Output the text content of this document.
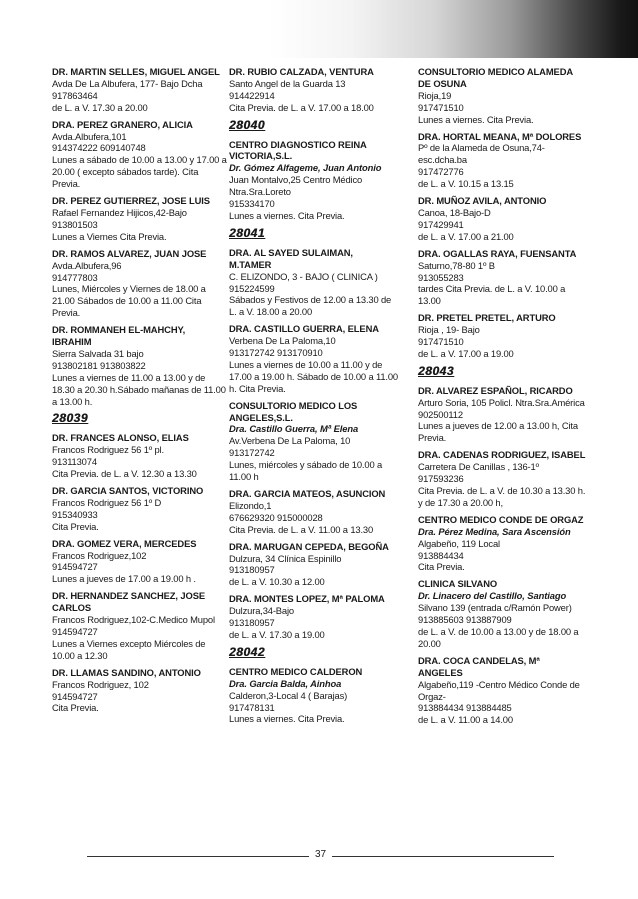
DR. MARTIN SELLES, MIGUEL ANGEL
Avda De La Albufera, 177- Bajo Dcha
917863464
de L. a V. 17.30 a 20.00
DRA. PEREZ GRANERO, ALICIA
Avda.Albufera,101
914374222 609140748
Lunes a sábado de 10.00 a 13.00 y 17.00 a
20.00 ( excepto sábados tarde). Cita
Previa.
DR. PEREZ GUTIERREZ, JOSE LUIS
Rafael Fernandez Hijicos,42-Bajo
913801503
Lunes a Viernes Cita Previa.
DR. RAMOS ALVAREZ, JUAN JOSE
Avda.Albufera,96
914777803
Lunes, Miércoles y Viernes de 18.00 a
21.00 Sábados de 10.00 a 11.00 Cita
Previa.
DR. ROMMANEH EL-MAHCHY,
IBRAHIM
Sierra Salvada 31 bajo
913802181 913803822
Lunes a viernes de 11.00 a 13.00 y de
18.30 a 20.30 h.Sábado mañanas de 11.00
a 13.00 h.
28039
DR. FRANCES ALONSO, ELIAS
Francos Rodriguez 56 1º pl.
913113074
Cita Previa. de L. a V. 12.30 a 13.30
DR. GARCIA SANTOS, VICTORINO
Francos Rodriguez 56 1º D
915340933
Cita Previa.
DRA. GOMEZ VERA, MERCEDES
Francos Rodriguez,102
914594727
Lunes a jueves de 17.00 a 19.00 h .
DR. HERNANDEZ SANCHEZ, JOSE
CARLOS
Francos Rodriguez,102-C.Medico Mupol
914594727
Lunes a Viernes excepto Miércoles de
10.00 a 12.30
DR. LLAMAS SANDINO, ANTONIO
Francos Rodriguez, 102
914594727
Cita Previa.
DR. RUBIO CALZADA, VENTURA
Santo Angel de la Guarda 13
914422914
Cita Previa. de L. a V. 17.00 a 18.00
28040
CENTRO DIAGNOSTICO REINA
VICTORIA,S.L.
Dr. Gómez Alfageme, Juan Antonio
Juan Montalvo,25 Centro Médico
Ntra.Sra.Loreto
915334170
Lunes a viernes. Cita Previa.
28041
DRA. AL SAYED SULAIMAN,
M.TAMER
C. ELIZONDO, 3 - BAJO ( CLINICA )
915224599
Sábados y Festivos de 12.00 a 13.30 de
L. a V. 18.00 a 20.00
DRA. CASTILLO GUERRA, ELENA
Verbena De La Paloma,10
913172742 913170910
Lunes a viernes de 10.00 a 11.00 y de
17.00 a 19.00 h. Sábado de 10.00 a 11.00
h. Cita Previa.
CONSULTORIO MEDICO LOS
ANGELES,S.L.
Dra. Castillo Guerra, Mª Elena
Av.Verbena De La Paloma, 10
913172742
Lunes, miércoles y sábado de 10.00 a
11.00 h
DRA. GARCIA MATEOS, ASUNCION
Elizondo,1
676629320 915000028
Cita Previa. de L. a V. 11.00 a 13.30
DRA. MARUGAN CEPEDA, BEGOÑA
Dulzura, 34 Clínica Espinillo
913180957
de L. a V. 10.30 a 12.00
DRA. MONTES LOPEZ, Mª PALOMA
Dulzura,34-Bajo
913180957
de L. a V. 17.30 a 19.00
28042
CENTRO MEDICO CALDERON
Dra. Garcia Balda, Ainhoa
Calderon,3-Local 4 ( Barajas)
917478131
Lunes a viernes. Cita Previa.
CONSULTORIO MEDICO ALAMEDA
DE OSUNA
Rioja,19
917471510
Lunes a viernes. Cita Previa.
DRA. HORTAL MEANA, Mª DOLORES
Pº de la Alameda de Osuna,74-
esc.dcha.ba
917472776
de L. a V. 10.15 a 13.15
DR. MUÑOZ AVILA, ANTONIO
Canoa, 18-Bajo-D
917429941
de L. a V. 17.00 a 21.00
DRA. OGALLAS RAYA, FUENSANTA
Saturno,78-80 1º B
913055283
tardes Cita Previa. de L. a V. 10.00 a
13.00
DR. PRETEL PRETEL, ARTURO
Rioja , 19- Bajo
917471510
de L. a V. 17.00 a 19.00
28043
DR. ALVAREZ ESPAÑOL, RICARDO
Arturo Soria, 105 Policl. Ntra.Sra.América
902500112
Lunes a jueves de 12.00 a 13.00 h, Cita
Previa.
DRA. CADENAS RODRIGUEZ, ISABEL
Carretera De Canillas , 136-1º
917593236
Cita Previa. de L. a V. de 10.30 a 13.30 h.
y de 17.30 a 20.00 h,
CENTRO MEDICO CONDE DE ORGAZ
Dra. Pérez Medina, Sara Ascensión
Algabeño, 119 Local
913884434
Cita Previa.
CLINICA SILVANO
Dr. Linacero del Castillo, Santiago
Silvano 139 (entrada c/Ramón Power)
913885603 913887909
de L. a V. de 10.00 a 13.00 y de 18.00 a
20.00
DRA. COCA CANDELAS, Mª
ANGELES
Algabeño,119 -Centro Médico Conde de
Orgaz-
913884434 913884485
de L. a V. 11.00 a 14.00
37
